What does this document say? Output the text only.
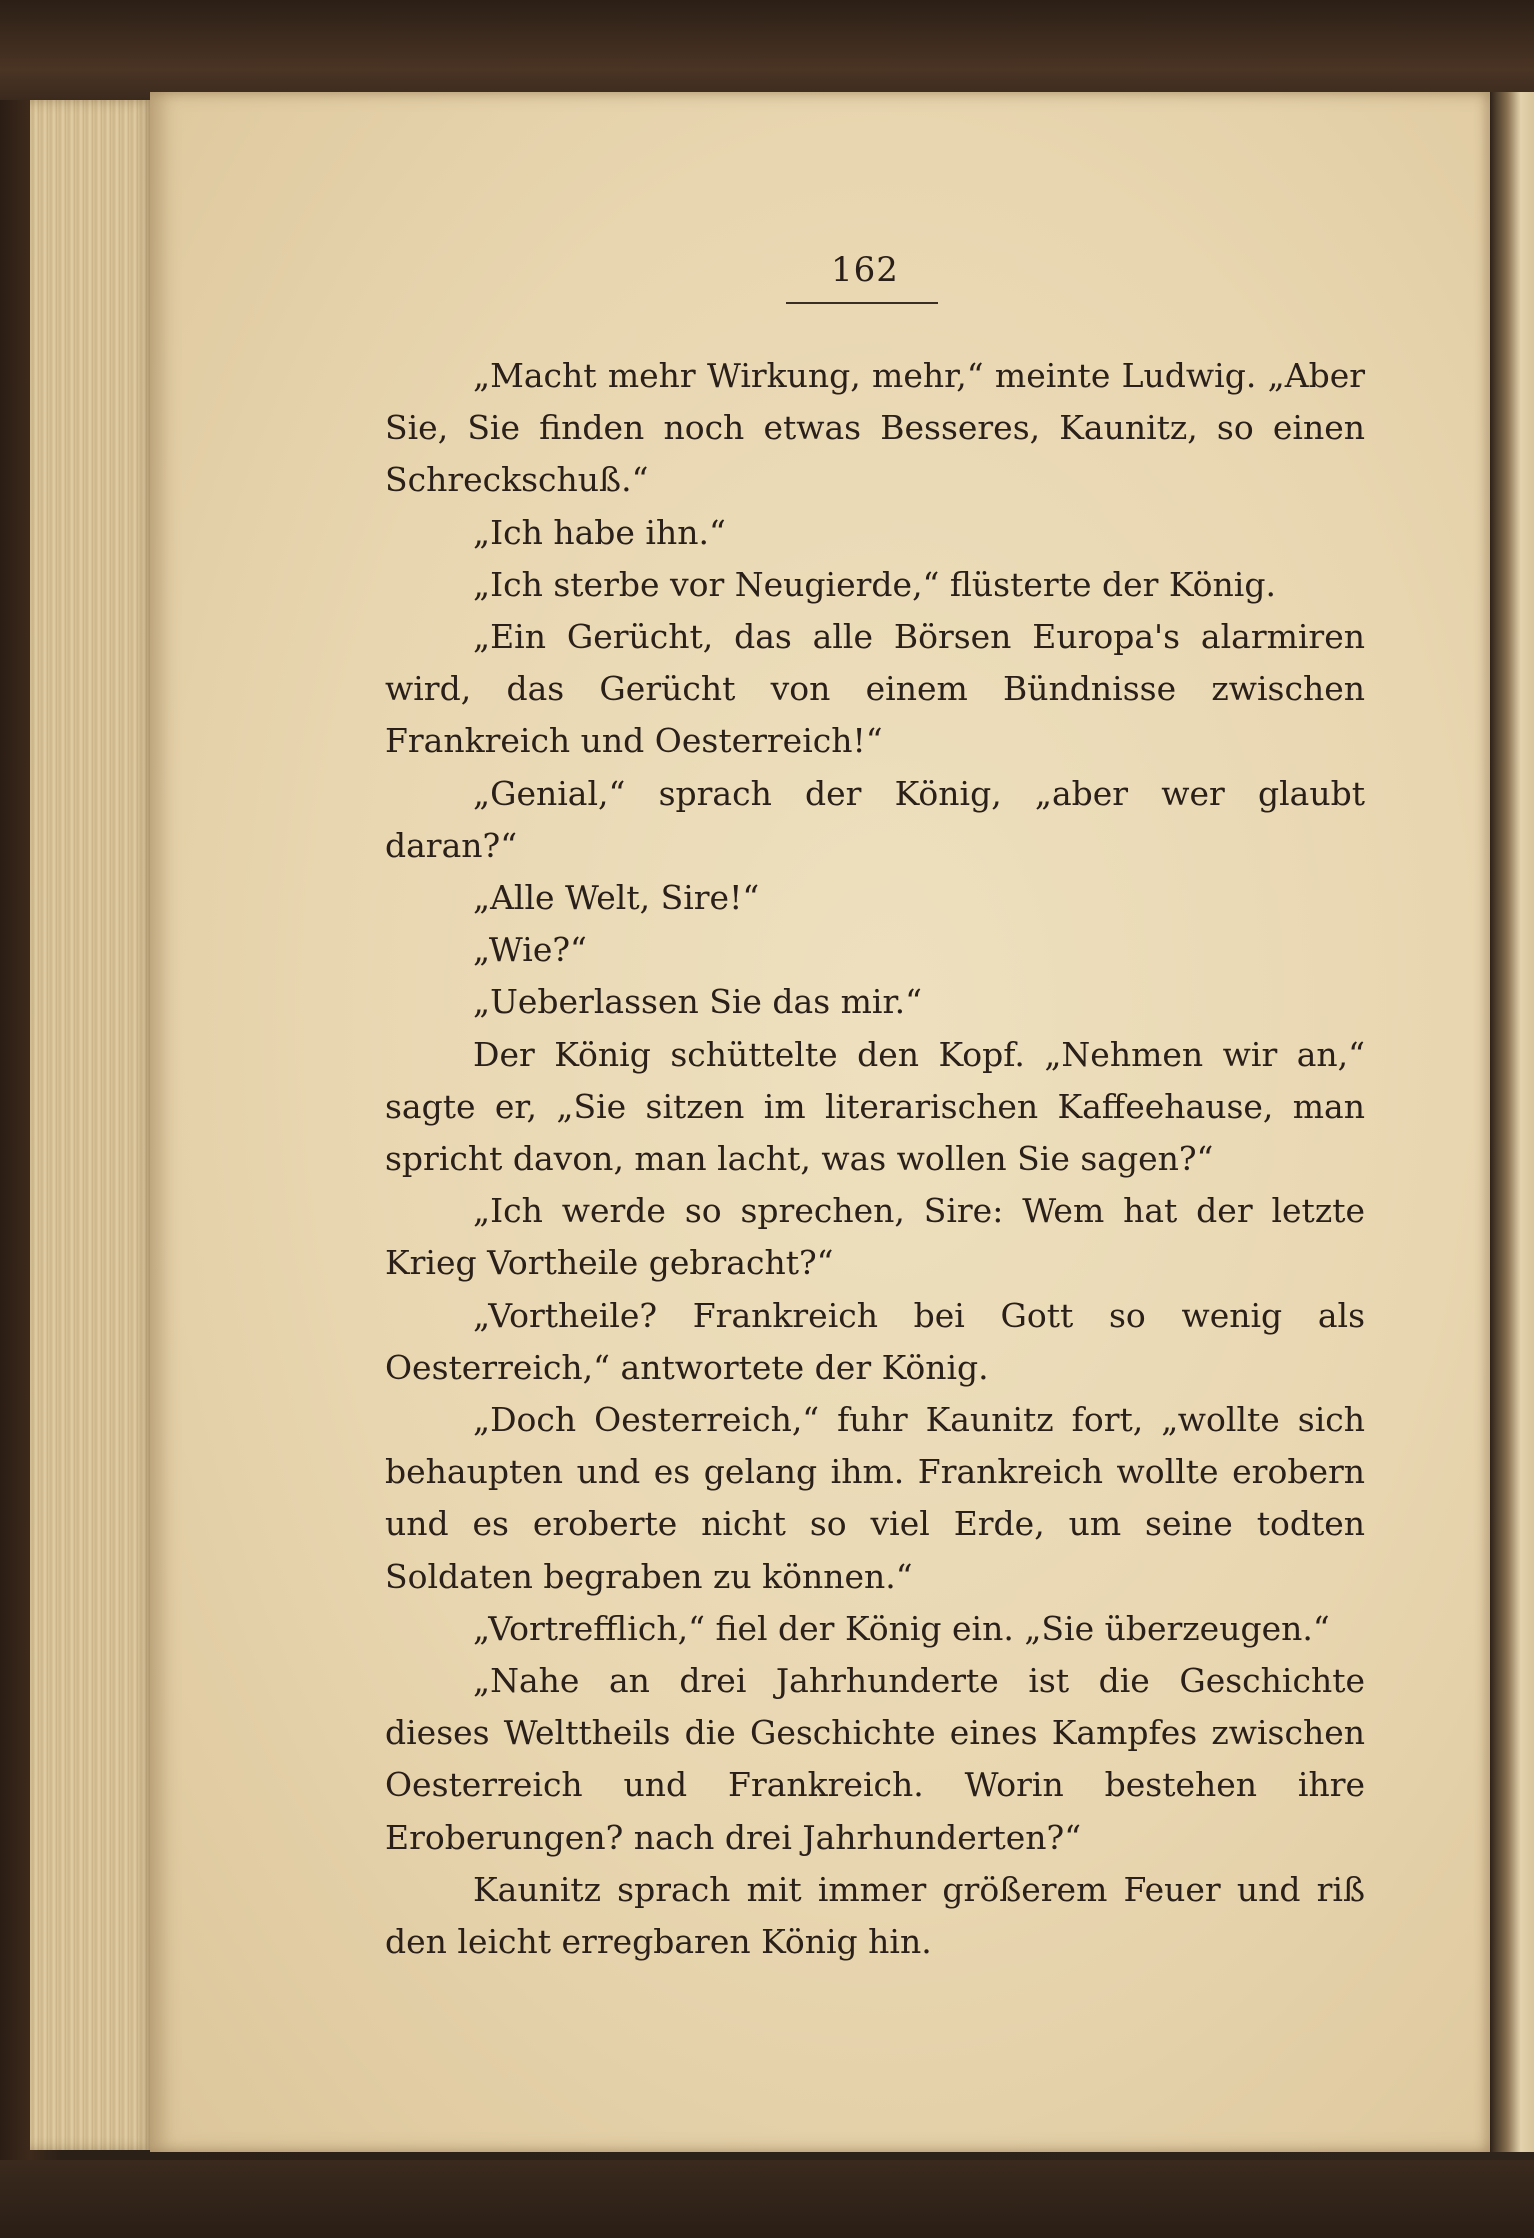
162

„Macht mehr Wirkung, mehr,“ meinte Ludwig. „Aber Sie, Sie finden noch etwas Besseres, Kaunitz, so einen Schreckschuß.“

„Ich habe ihn.“

„Ich sterbe vor Neugierde,“ flüsterte der König.

„Ein Gerücht, das alle Börsen Europa's alarmiren wird, das Gerücht von einem Bündnisse zwischen Frankreich und Oesterreich!“

„Genial,“ sprach der König, „aber wer glaubt daran?“

„Alle Welt, Sire!“

„Wie?“

„Ueberlassen Sie das mir.“

Der König schüttelte den Kopf. „Nehmen wir an,“ sagte er, „Sie sitzen im literarischen Kaffeehause, man spricht davon, man lacht, was wollen Sie sagen?“

„Ich werde so sprechen, Sire: Wem hat der letzte Krieg Vortheile gebracht?“

„Vortheile? Frankreich bei Gott so wenig als Oesterreich,“ antwortete der König.

„Doch Oesterreich,“ fuhr Kaunitz fort, „wollte sich behaupten und es gelang ihm. Frankreich wollte erobern und es eroberte nicht so viel Erde, um seine todten Soldaten begraben zu können.“

„Vortrefflich,“ fiel der König ein. „Sie überzeugen.“

„Nahe an drei Jahrhunderte ist die Geschichte dieses Welttheils die Geschichte eines Kampfes zwischen Oesterreich und Frankreich. Worin bestehen ihre Eroberungen? nach drei Jahrhunderten?“

Kaunitz sprach mit immer größerem Feuer und riß den leicht erregbaren König hin.
